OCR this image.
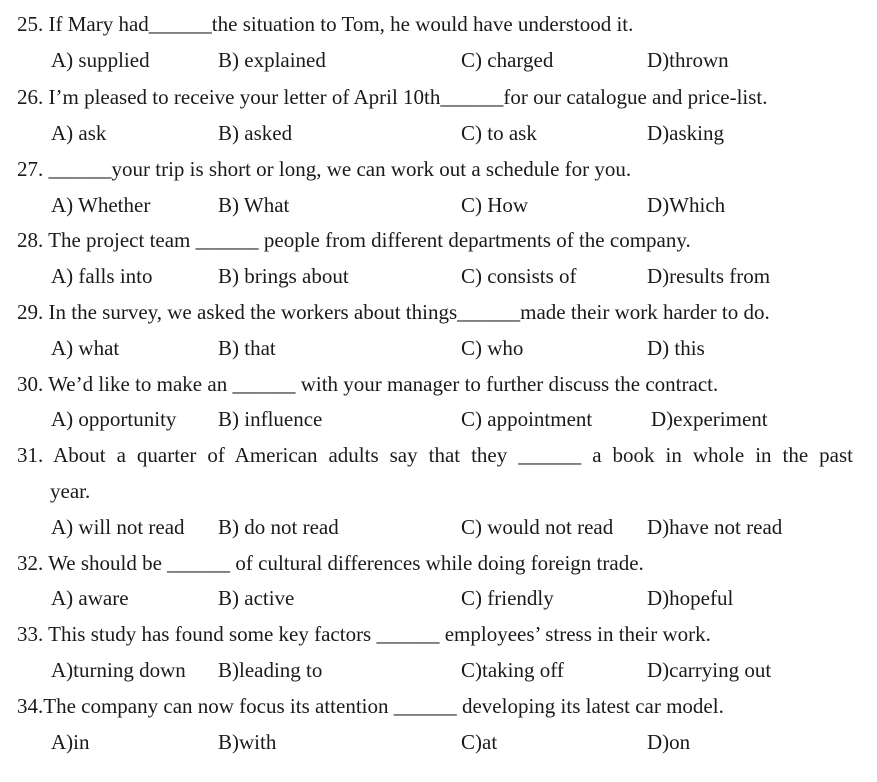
25. If Mary had______the situation to Tom, he would have understood it.
A) supplied	B) explained	C) charged	D)thrown
26. I’m pleased to receive your letter of April 10th______for our catalogue and price-list.
A) ask	B) asked	C) to ask	D)asking
27. ______your trip is short or long, we can work out a schedule for you.
A) Whether	B) What	C) How	D)Which
28. The project team ______ people from different departments of the company.
A) falls into	B) brings about	C) consists of	D)results from
29. In the survey, we asked the workers about things______made their work harder to do.
A) what	B) that	C) who	D) this
30. We’d like to make an ______ with your manager to further discuss the contract.
A) opportunity B) influence	C) appointment	D)experiment
31. About a quarter of American adults say that they ______ a book in whole in the past
year.
A) will not read B) do not read	C) would not read D)have not read
32. We should be ______ of cultural differences while doing foreign trade.
A) aware	B) active	C) friendly	D)hopeful
33. This study has found some key factors ______ employees’ stress in their work.
A)turning down B)leading to	C)taking off	D)carrying out
34.The company can now focus its attention ______ developing its latest car model.
A)in	B)with	C)at	D)on
